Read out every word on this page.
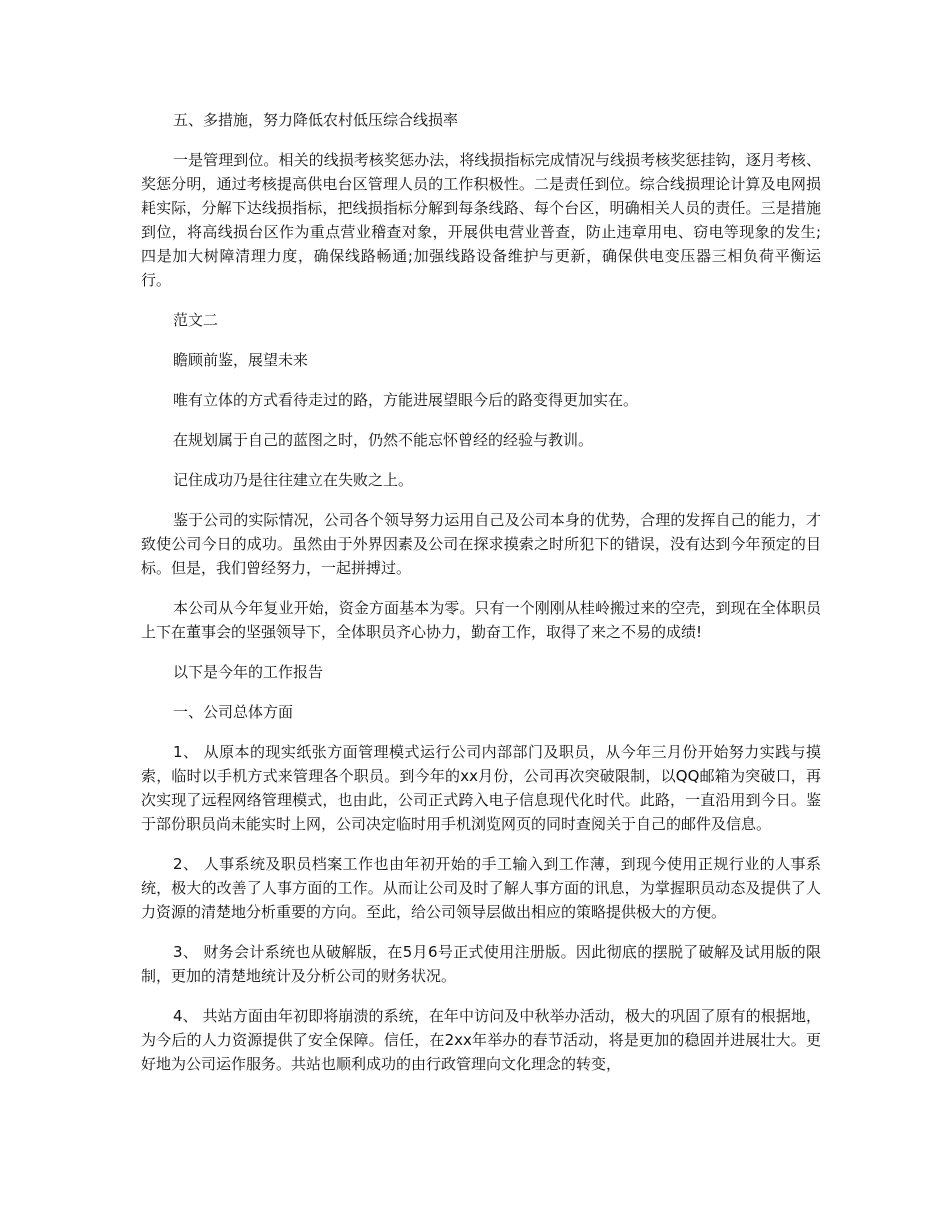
五、多措施，努力降低农村低压综合线损率

一是管理到位。相关的线损考核奖惩办法，将线损指标完成情况与线损考核奖惩挂钩，逐月考核、奖惩分明，通过考核提高供电台区管理人员的工作积极性。二是责任到位。综合线损理论计算及电网损耗实际，分解下达线损指标，把线损指标分解到每条线路、每个台区，明确相关人员的责任。三是措施到位，将高线损台区作为重点营业稽查对象，开展供电营业普查，防止违章用电、窃电等现象的发生;四是加大树障清理力度，确保线路畅通;加强线路设备维护与更新，确保供电变压器三相负荷平衡运行。

范文二

瞻顾前鉴，展望未来

唯有立体的方式看待走过的路，方能进展望眼今后的路变得更加实在。

在规划属于自己的蓝图之时，仍然不能忘怀曾经的经验与教训。

记住成功乃是往往建立在失败之上。

鉴于公司的实际情况，公司各个领导努力运用自己及公司本身的优势，合理的发挥自己的能力，才致使公司今日的成功。虽然由于外界因素及公司在探求摸索之时所犯下的错误，没有达到今年预定的目标。但是，我们曾经努力，一起拼搏过。

本公司从今年复业开始，资金方面基本为零。只有一个刚刚从桂岭搬过来的空壳，到现在全体职员上下在董事会的坚强领导下，全体职员齐心协力，勤奋工作，取得了来之不易的成绩!

以下是今年的工作报告

一、公司总体方面

1、 从原本的现实纸张方面管理模式运行公司内部部门及职员，从今年三月份开始努力实践与摸索，临时以手机方式来管理各个职员。到今年的xx月份，公司再次突破限制，以QQ邮箱为突破口，再次实现了远程网络管理模式，也由此，公司正式跨入电子信息现代化时代。此路，一直沿用到今日。鉴于部份职员尚未能实时上网，公司决定临时用手机浏览网页的同时查阅关于自己的邮件及信息。

2、 人事系统及职员档案工作也由年初开始的手工输入到工作薄，到现今使用正规行业的人事系统，极大的改善了人事方面的工作。从而让公司及时了解人事方面的讯息，为掌握职员动态及提供了人力资源的清楚地分析重要的方向。至此，给公司领导层做出相应的策略提供极大的方便。

3、 财务会计系统也从破解版，在5月6号正式使用注册版。因此彻底的摆脱了破解及试用版的限制，更加的清楚地统计及分析公司的财务状况。

4、 共站方面由年初即将崩溃的系统，在年中访问及中秋举办活动，极大的巩固了原有的根据地，为今后的人力资源提供了安全保障。信任，在2xx年举办的春节活动，将是更加的稳固并进展壮大。更好地为公司运作服务。共站也顺利成功的由行政管理向文化理念的转变，
